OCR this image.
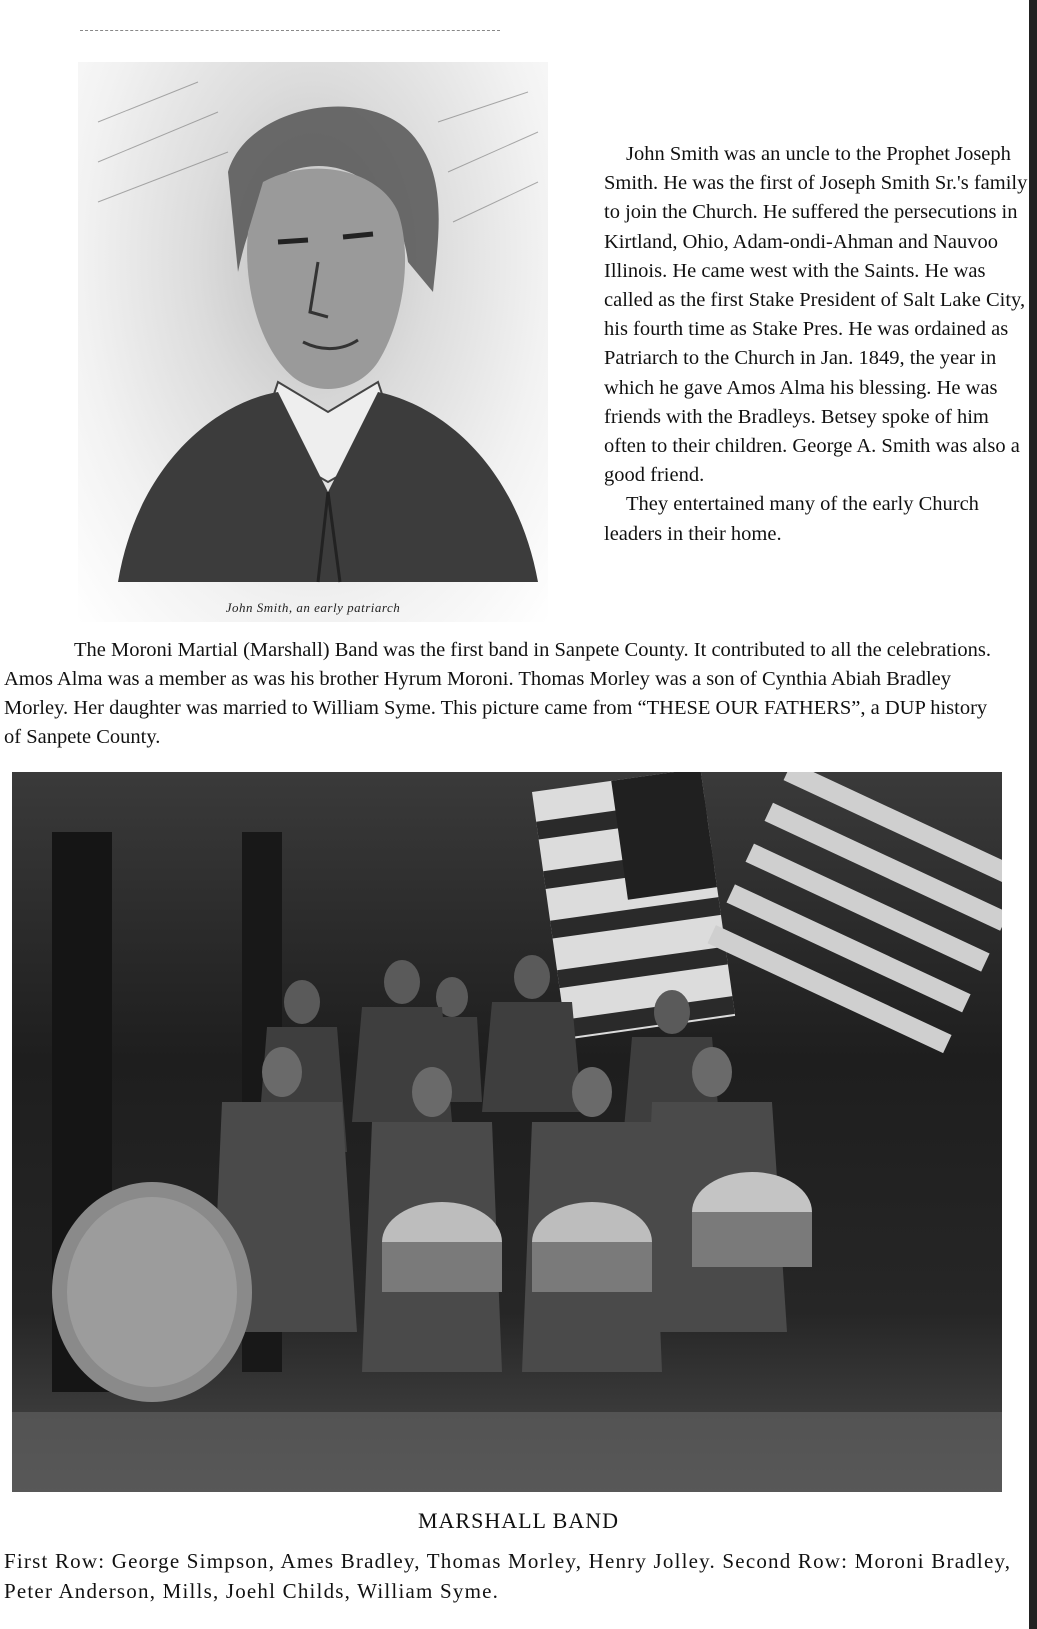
John Smith, an early patriarch

John Smith was an uncle to the Prophet Joseph Smith. He was the first of Joseph Smith Sr.'s family to join the Church. He suffered the persecutions in Kirtland, Ohio, Adam-ondi-Ahman and Nauvoo Illinois. He came west with the Saints. He was called as the first Stake President of Salt Lake City, his fourth time as Stake Pres. He was ordained as Patriarch to the Church in Jan. 1849, the year in which he gave Amos Alma his blessing. He was friends with the Bradleys. Betsey spoke of him often to their children. George A. Smith was also a good friend.

They entertained many of the early Church leaders in their home.

The Moroni Martial (Marshall) Band was the first band in Sanpete County. It contributed to all the celebrations. Amos Alma was a member as was his brother Hyrum Moroni. Thomas Morley was a son of Cynthia Abiah Bradley Morley. Her daughter was married to William Syme. This picture came from “THESE OUR FATHERS”, a DUP history of Sanpete County.

MARSHALL BAND

First Row: George Simpson, Ames Bradley, Thomas Morley, Henry Jolley. Second Row: Moroni Bradley, Peter Anderson, Mills, Joehl Childs, William Syme.
